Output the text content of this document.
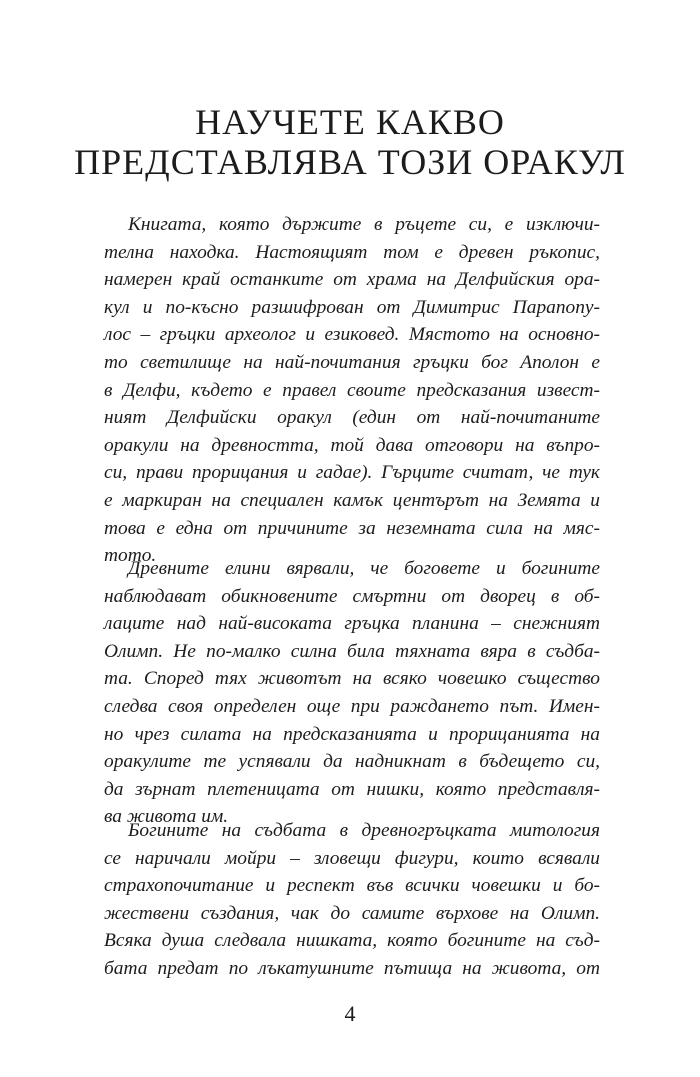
НАУЧЕТЕ КАКВО
ПРЕДСТАВЛЯВА ТОЗИ ОРАКУЛ
Книгата, която държите в ръцете си, е изключи-
телна находка. Настоящият том е древен ръкопис,
намерен край останките от храма на Делфийския ора-
кул и по-късно разшифрован от Димитрис Парапопу-
лос – гръцки археолог и езиковед. Мястото на основно-
то светилище на най-почитания гръцки бог Аполон е
в Делфи, където е правел своите предсказания извест-
ният Делфийски оракул (един от най-почитаните
оракули на древността, той дава отговори на въпро-
си, прави прорицания и гадае). Гърците считат, че тук
е маркиран на специален камък центърът на Земята и
това е една от причините за неземната сила на мяс-
тото.
Древните елини вярвали, че боговете и богините
наблюдават обикновените смъртни от дворец в об-
лаците над най-високата гръцка планина – снежният
Олимп. Не по-малко силна била тяхната вяра в съдба-
та. Според тях животът на всяко човешко същество
следва своя определен още при раждането път. Имен-
но чрез силата на предсказанията и прорицанията на
оракулите те успявали да надникнат в бъдещето си,
да зърнат плетеницата от нишки, която представля-
ва живота им.
Богините на съдбата в древногръцката митология
се наричали мойри – зловещи фигури, които всявали
страхопочитание и респект във всички човешки и бо-
жествени създания, чак до самите върхове на Олимп.
Всяка душа следвала нишката, която богините на съд-
бата предат по лъкатушните пътища на живота, от
4
